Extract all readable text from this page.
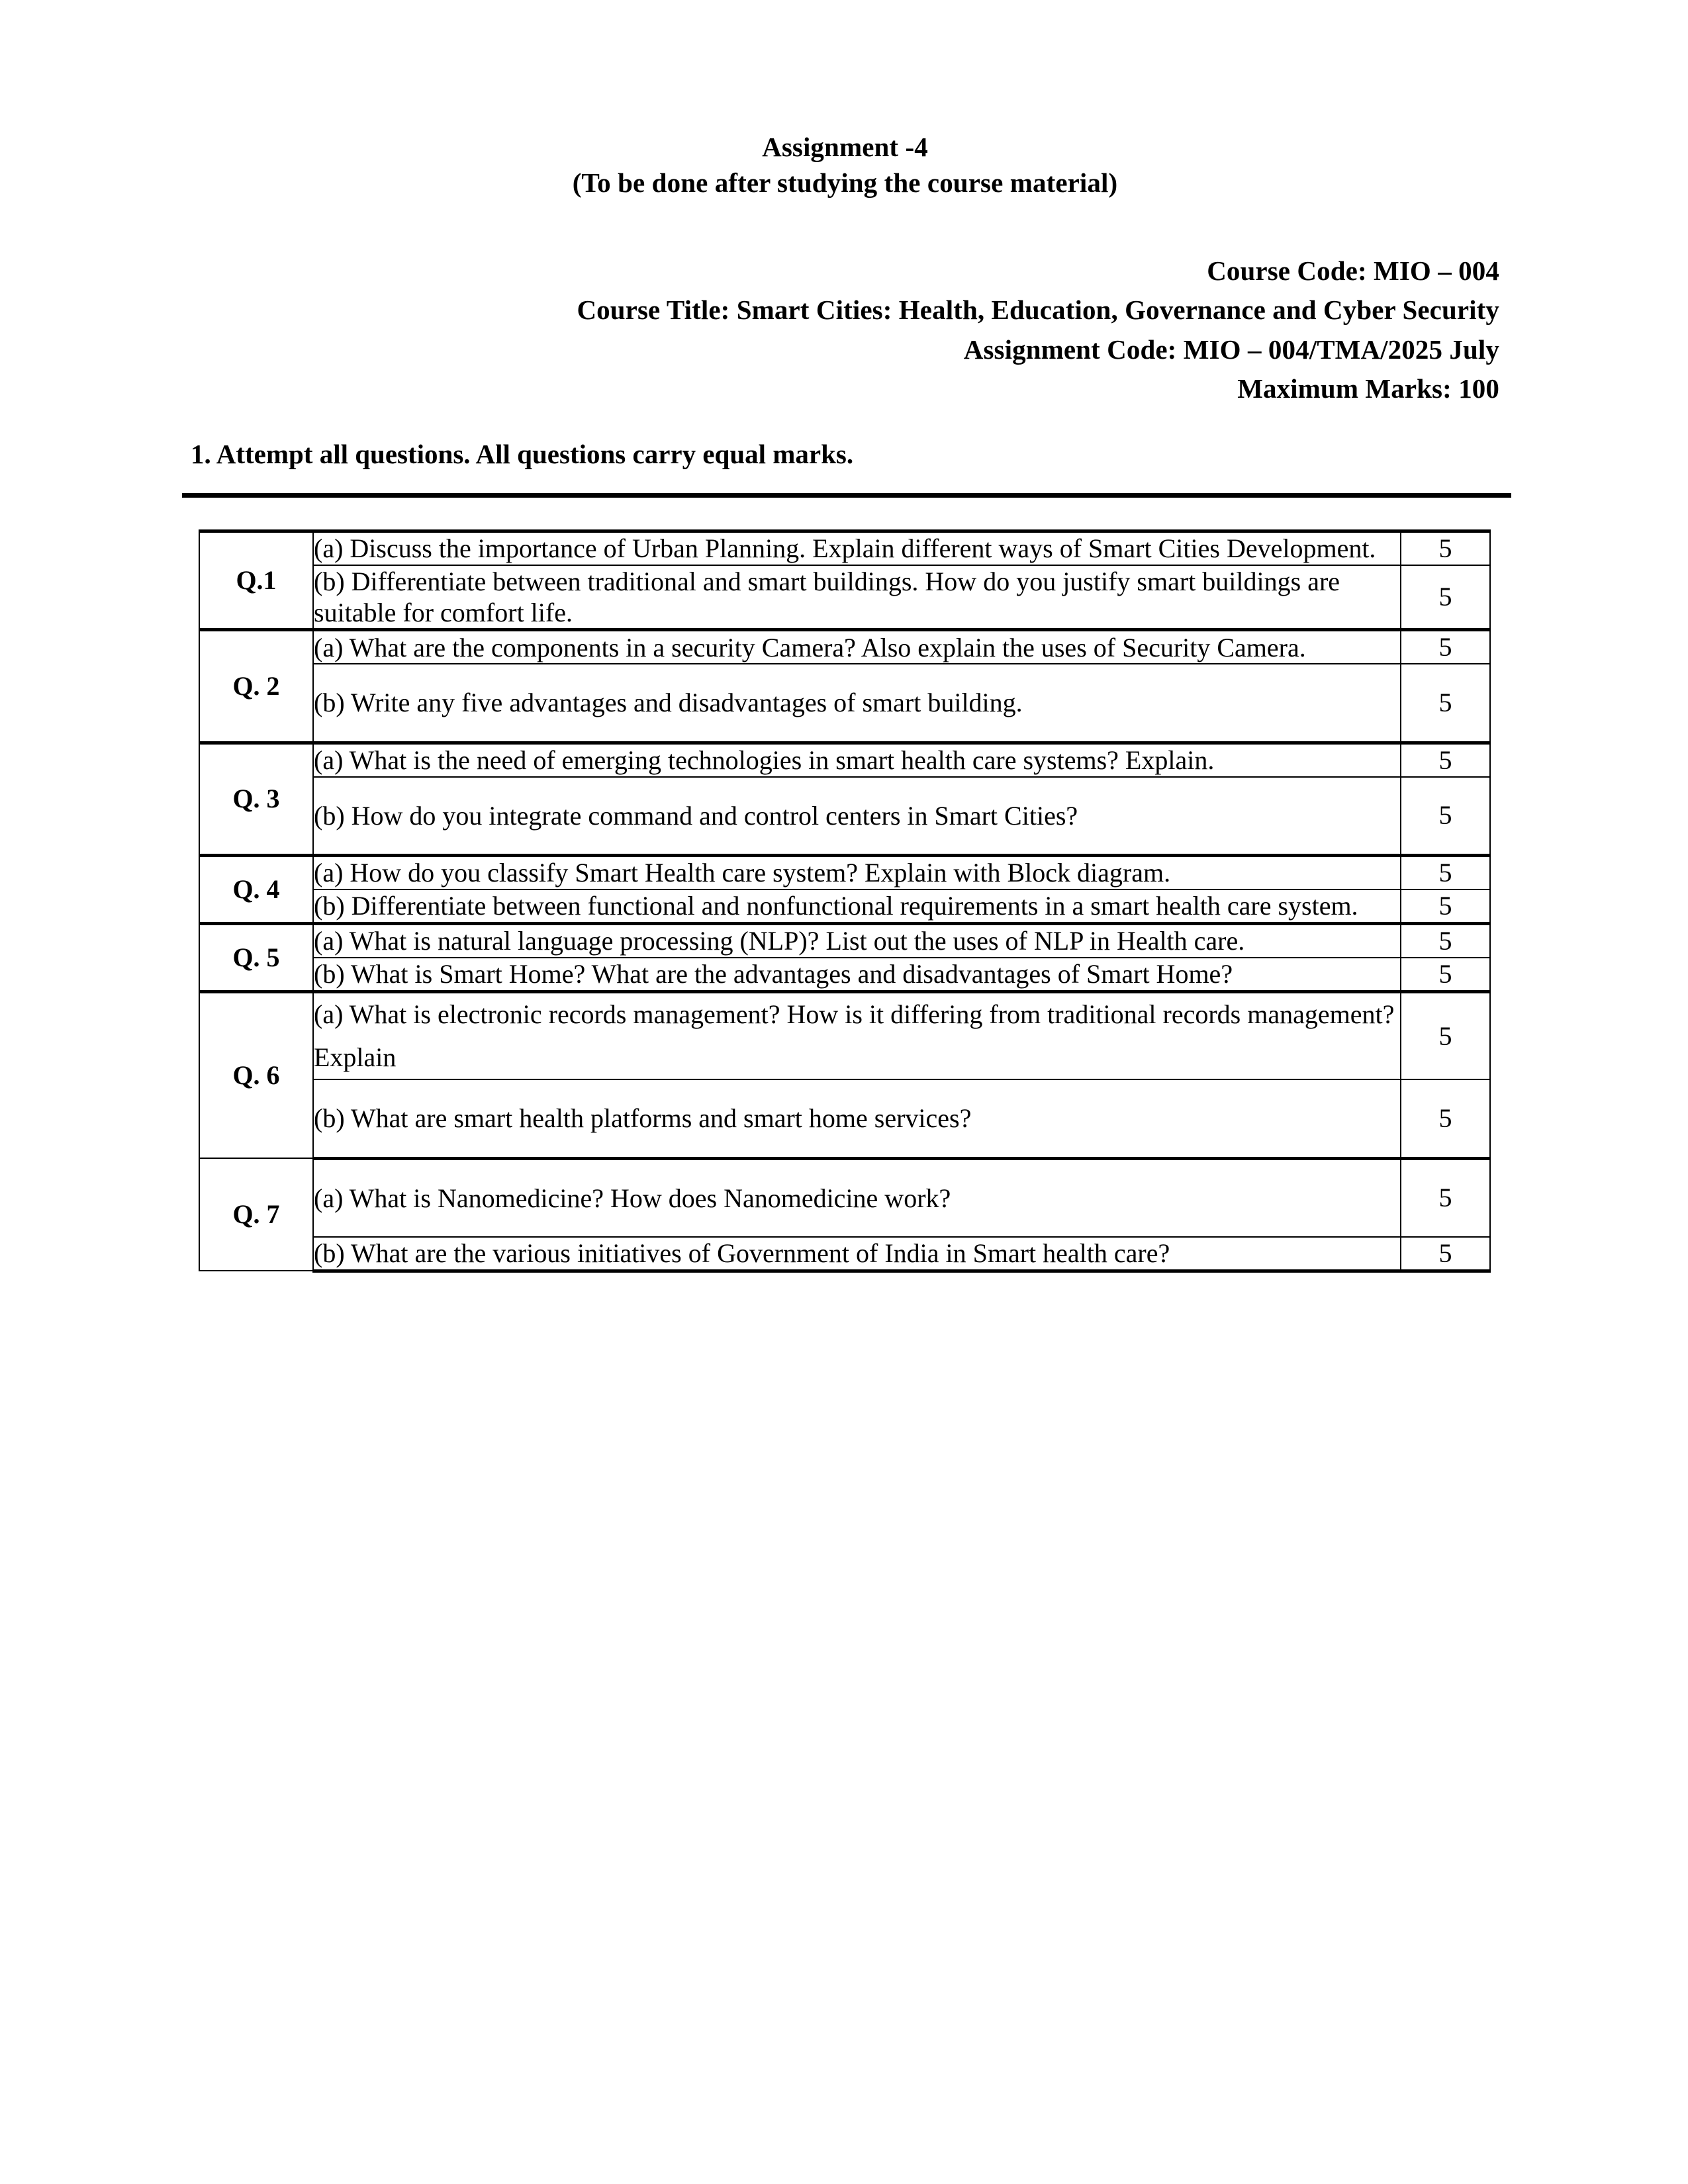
Assignment -4
(To be done after studying the course material)
Course Code: MIO – 004
Course Title: Smart Cities: Health, Education, Governance and Cyber Security
Assignment Code: MIO – 004/TMA/2025 July
Maximum Marks: 100
1. Attempt all questions. All questions carry equal marks.
Q.1	(a) Discuss the importance of Urban Planning. Explain different ways of Smart Cities Development.	5
	(b) Differentiate between traditional and smart buildings. How do you justify smart buildings are suitable for comfort life.	5
Q. 2	(a) What are the components in a security Camera? Also explain the uses of Security Camera.	5
	(b) Write any five advantages and disadvantages of smart building.	5
Q. 3	(a) What is the need of emerging technologies in smart health care systems? Explain.	5
	(b) How do you integrate command and control centers in Smart Cities?	5
Q. 4	(a) How do you classify Smart Health care system? Explain with Block diagram.	5
	(b) Differentiate between functional and nonfunctional requirements in a smart health care system.	5
Q. 5	(a) What is natural language processing (NLP)? List out the uses of NLP in Health care.	5
	(b) What is Smart Home? What are the advantages and disadvantages of Smart Home?	5
Q. 6	(a) What is electronic records management? How is it differing from traditional records management? Explain	5
	(b) What are smart health platforms and smart home services?	5
Q. 7	(a) What is Nanomedicine? How does Nanomedicine work?	5
	(b) What are the various initiatives of Government of India in Smart health care?	5
